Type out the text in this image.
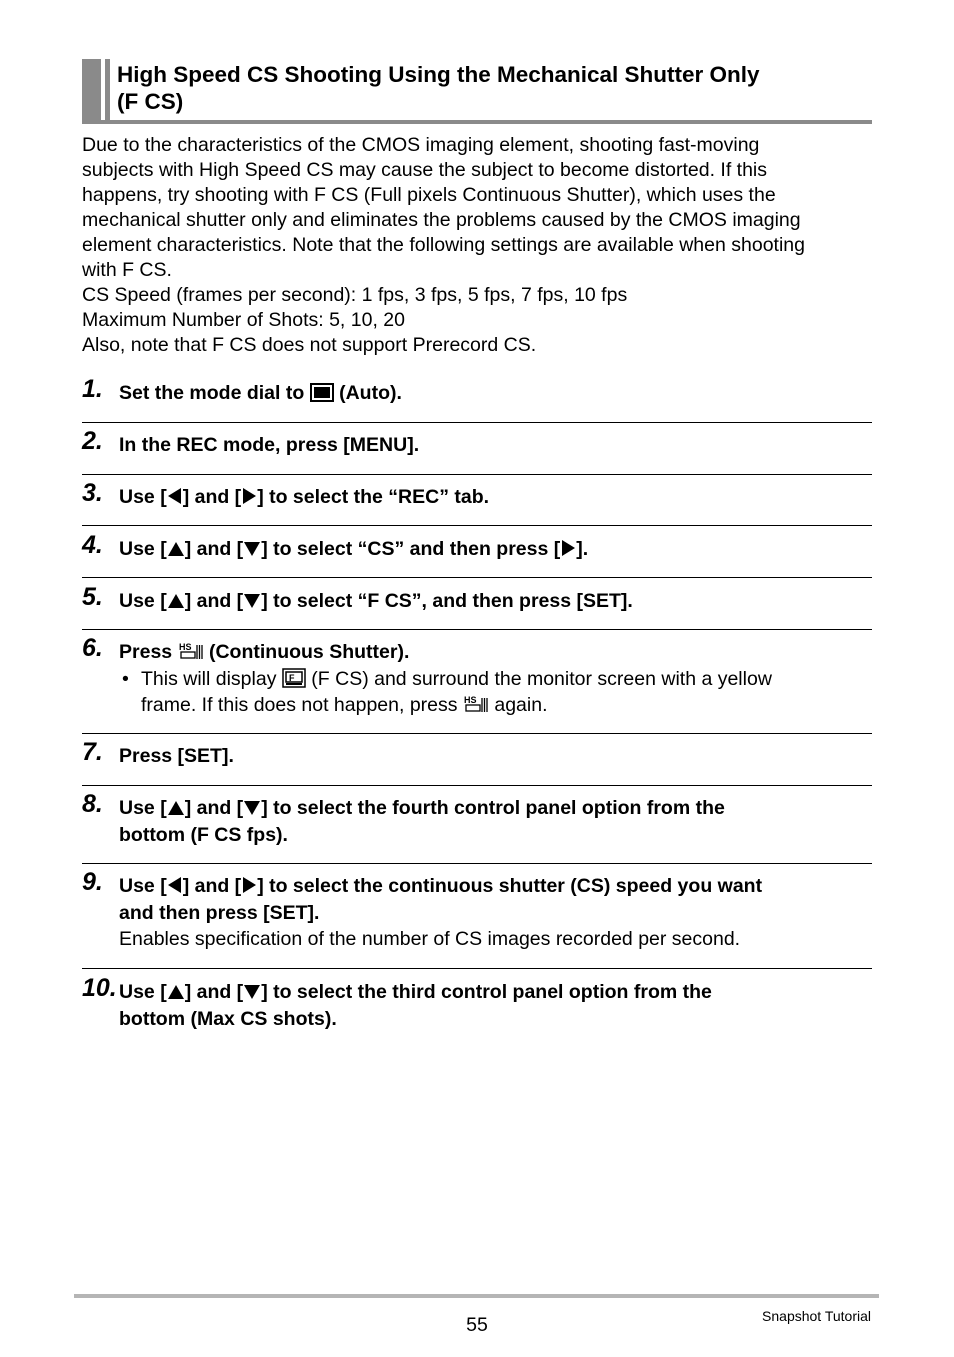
High Speed CS Shooting Using the Mechanical Shutter Only
(F CS)

Due to the characteristics of the CMOS imaging element, shooting fast-moving

subjects with High Speed CS may cause the subject to become distorted. If this

happens, try shooting with F CS (Full pixels Continuous Shutter), which uses the

mechanical shutter only and eliminates the problems caused by the CMOS imaging

element characteristics. Note that the following settings are available when shooting

with F CS.

CS Speed (frames per second): 1 fps, 3 fps, 5 fps, 7 fps, 10 fps

Maximum Number of Shots: 5, 10, 20

Also, note that F CS does not support Prerecord CS.

1. Set the mode dial to  (Auto).
2. In the REC mode, press [MENU].
3. Use [ ] and [ ] to select the “REC” tab.
4. Use [ ] and [ ] to select “CS” and then press [ ].
5. Use [ ] and [ ] to select “F CS”, and then press [SET].
6. Press HS (Continuous Shutter).
• This will display F (F CS) and surround the monitor screen with a yellow
frame. If this does not happen, press HS again.
7. Press [SET].
8. Use [ ] and [ ] to select the fourth control panel option from the
bottom (F CS fps).
9. Use [ ] and [ ] to select the continuous shutter (CS) speed you want
and then press [SET].
Enables specification of the number of CS images recorded per second.
10. Use [ ] and [ ] to select the third control panel option from the
bottom (Max CS shots).
55	Snapshot Tutorial
